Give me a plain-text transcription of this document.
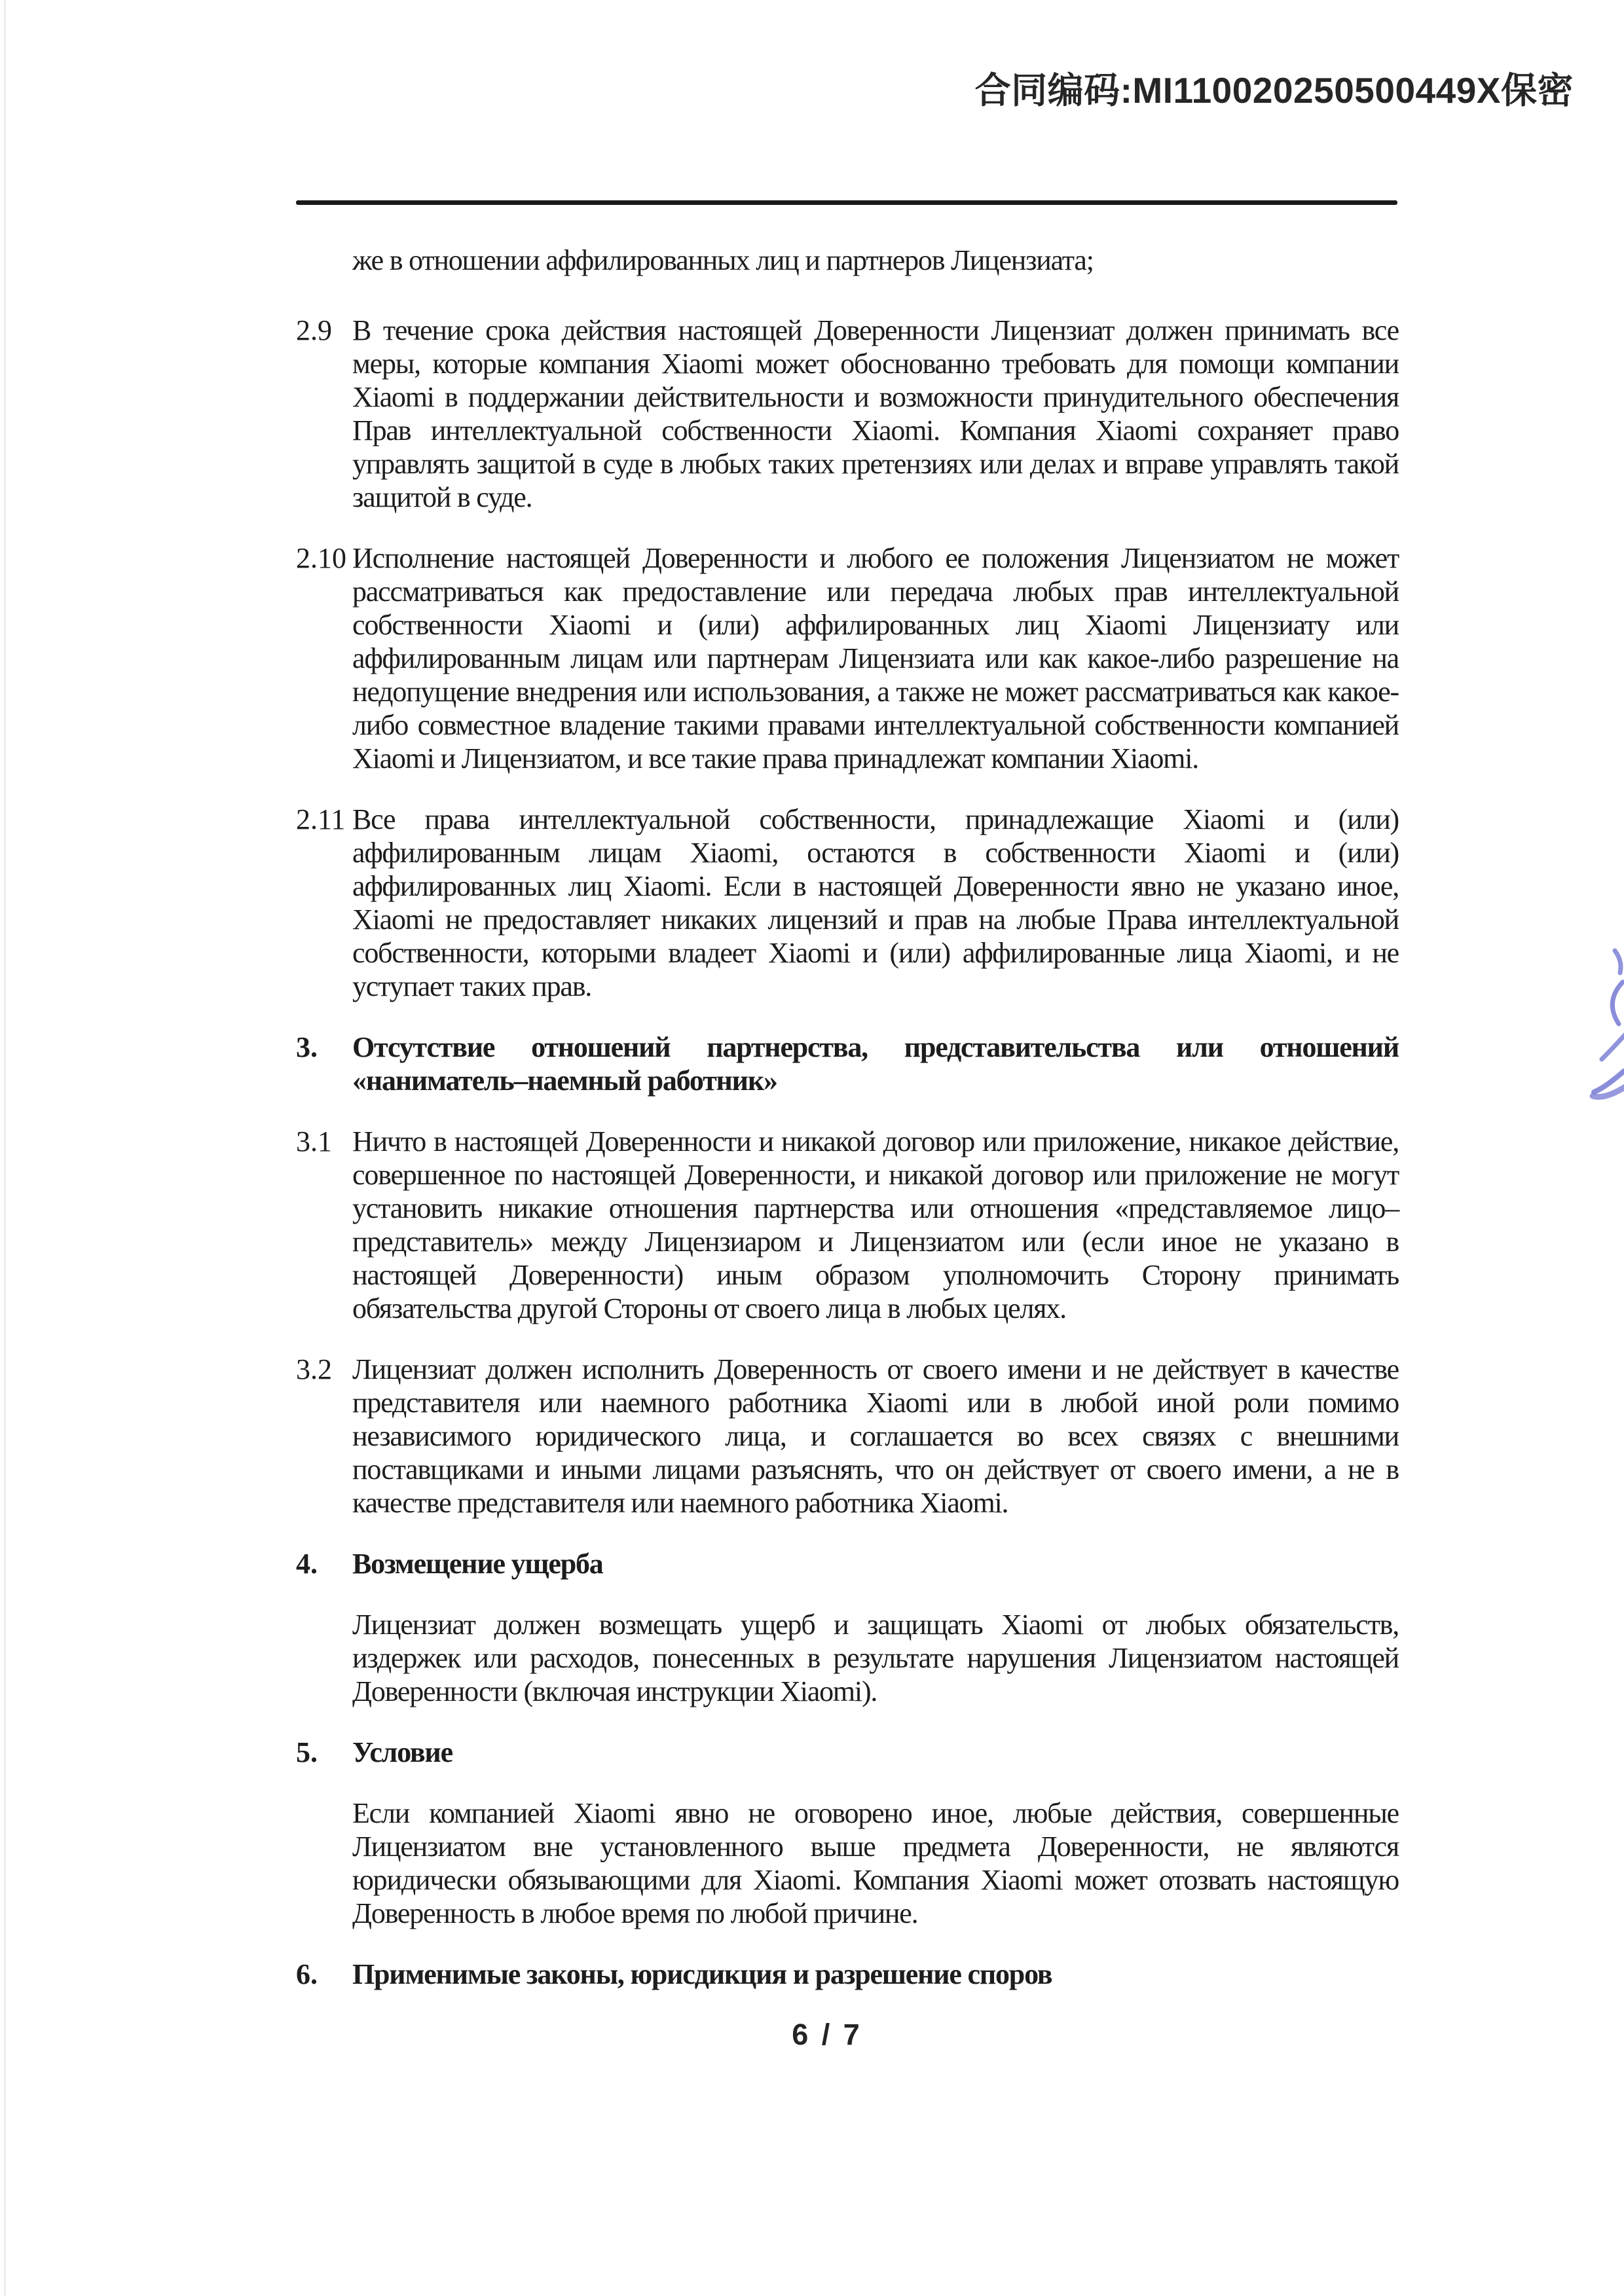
合同编码:MI110020250500449X保密

же в отношении аффилированных лиц и партнеров Лицензиата;

2.9 В течение срока действия настоящей Доверенности Лицензиат должен принимать все меры, которые компания Xiaomi может обоснованно требовать для помощи компании Xiaomi в поддержании действительности и возможности принудительного обеспечения Прав интеллектуальной собственности Xiaomi. Компания Xiaomi сохраняет право управлять защитой в суде в любых таких претензиях или делах и вправе управлять такой защитой в суде.
2.10 Исполнение настоящей Доверенности и любого ее положения Лицензиатом не может рассматриваться как предоставление или передача любых прав интеллектуальной собственности Xiaomi и (или) аффилированных лиц Xiaomi Лицензиату или аффилированным лицам или партнерам Лицензиата или как какое-либо разрешение на недопущение внедрения или использования, а также не может рассматриваться как какое-либо совместное владение такими правами интеллектуальной собственности компанией Xiaomi и Лицензиатом, и все такие права принадлежат компании Xiaomi.
2.11 Все права интеллектуальной собственности, принадлежащие Xiaomi и (или) аффилированным лицам Xiaomi, остаются в собственности Xiaomi и (или) аффилированных лиц Xiaomi. Если в настоящей Доверенности явно не указано иное, Xiaomi не предоставляет никаких лицензий и прав на любые Права интеллектуальной собственности, которыми владеет Xiaomi и (или) аффилированные лица Xiaomi, и не уступает таких прав.
3. Отсутствие отношений партнерства, представительства или отношений «наниматель–наемный работник»
3.1 Ничто в настоящей Доверенности и никакой договор или приложение, никакое действие, совершенное по настоящей Доверенности, и никакой договор или приложение не могут установить никакие отношения партнерства или отношения «представляемое лицо–представитель» между Лицензиаром и Лицензиатом или (если иное не указано в настоящей Доверенности) иным образом уполномочить Сторону принимать обязательства другой Стороны от своего лица в любых целях.
3.2 Лицензиат должен исполнить Доверенность от своего имени и не действует в качестве представителя или наемного работника Xiaomi или в любой иной роли помимо независимого юридического лица, и соглашается во всех связях с внешними поставщиками и иными лицами разъяснять, что он действует от своего имени, а не в качестве представителя или наемного работника Xiaomi.
4. Возмещение ущерба
Лицензиат должен возмещать ущерб и защищать Xiaomi от любых обязательств, издержек или расходов, понесенных в результате нарушения Лицензиатом настоящей Доверенности (включая инструкции Xiaomi).
5. Условие
Если компанией Xiaomi явно не оговорено иное, любые действия, совершенные Лицензиатом вне установленного выше предмета Доверенности, не являются юридически обязывающими для Xiaomi. Компания Xiaomi может отозвать настоящую Доверенность в любое время по любой причине.
6. Применимые законы, юрисдикция и разрешение споров
6 / 7
